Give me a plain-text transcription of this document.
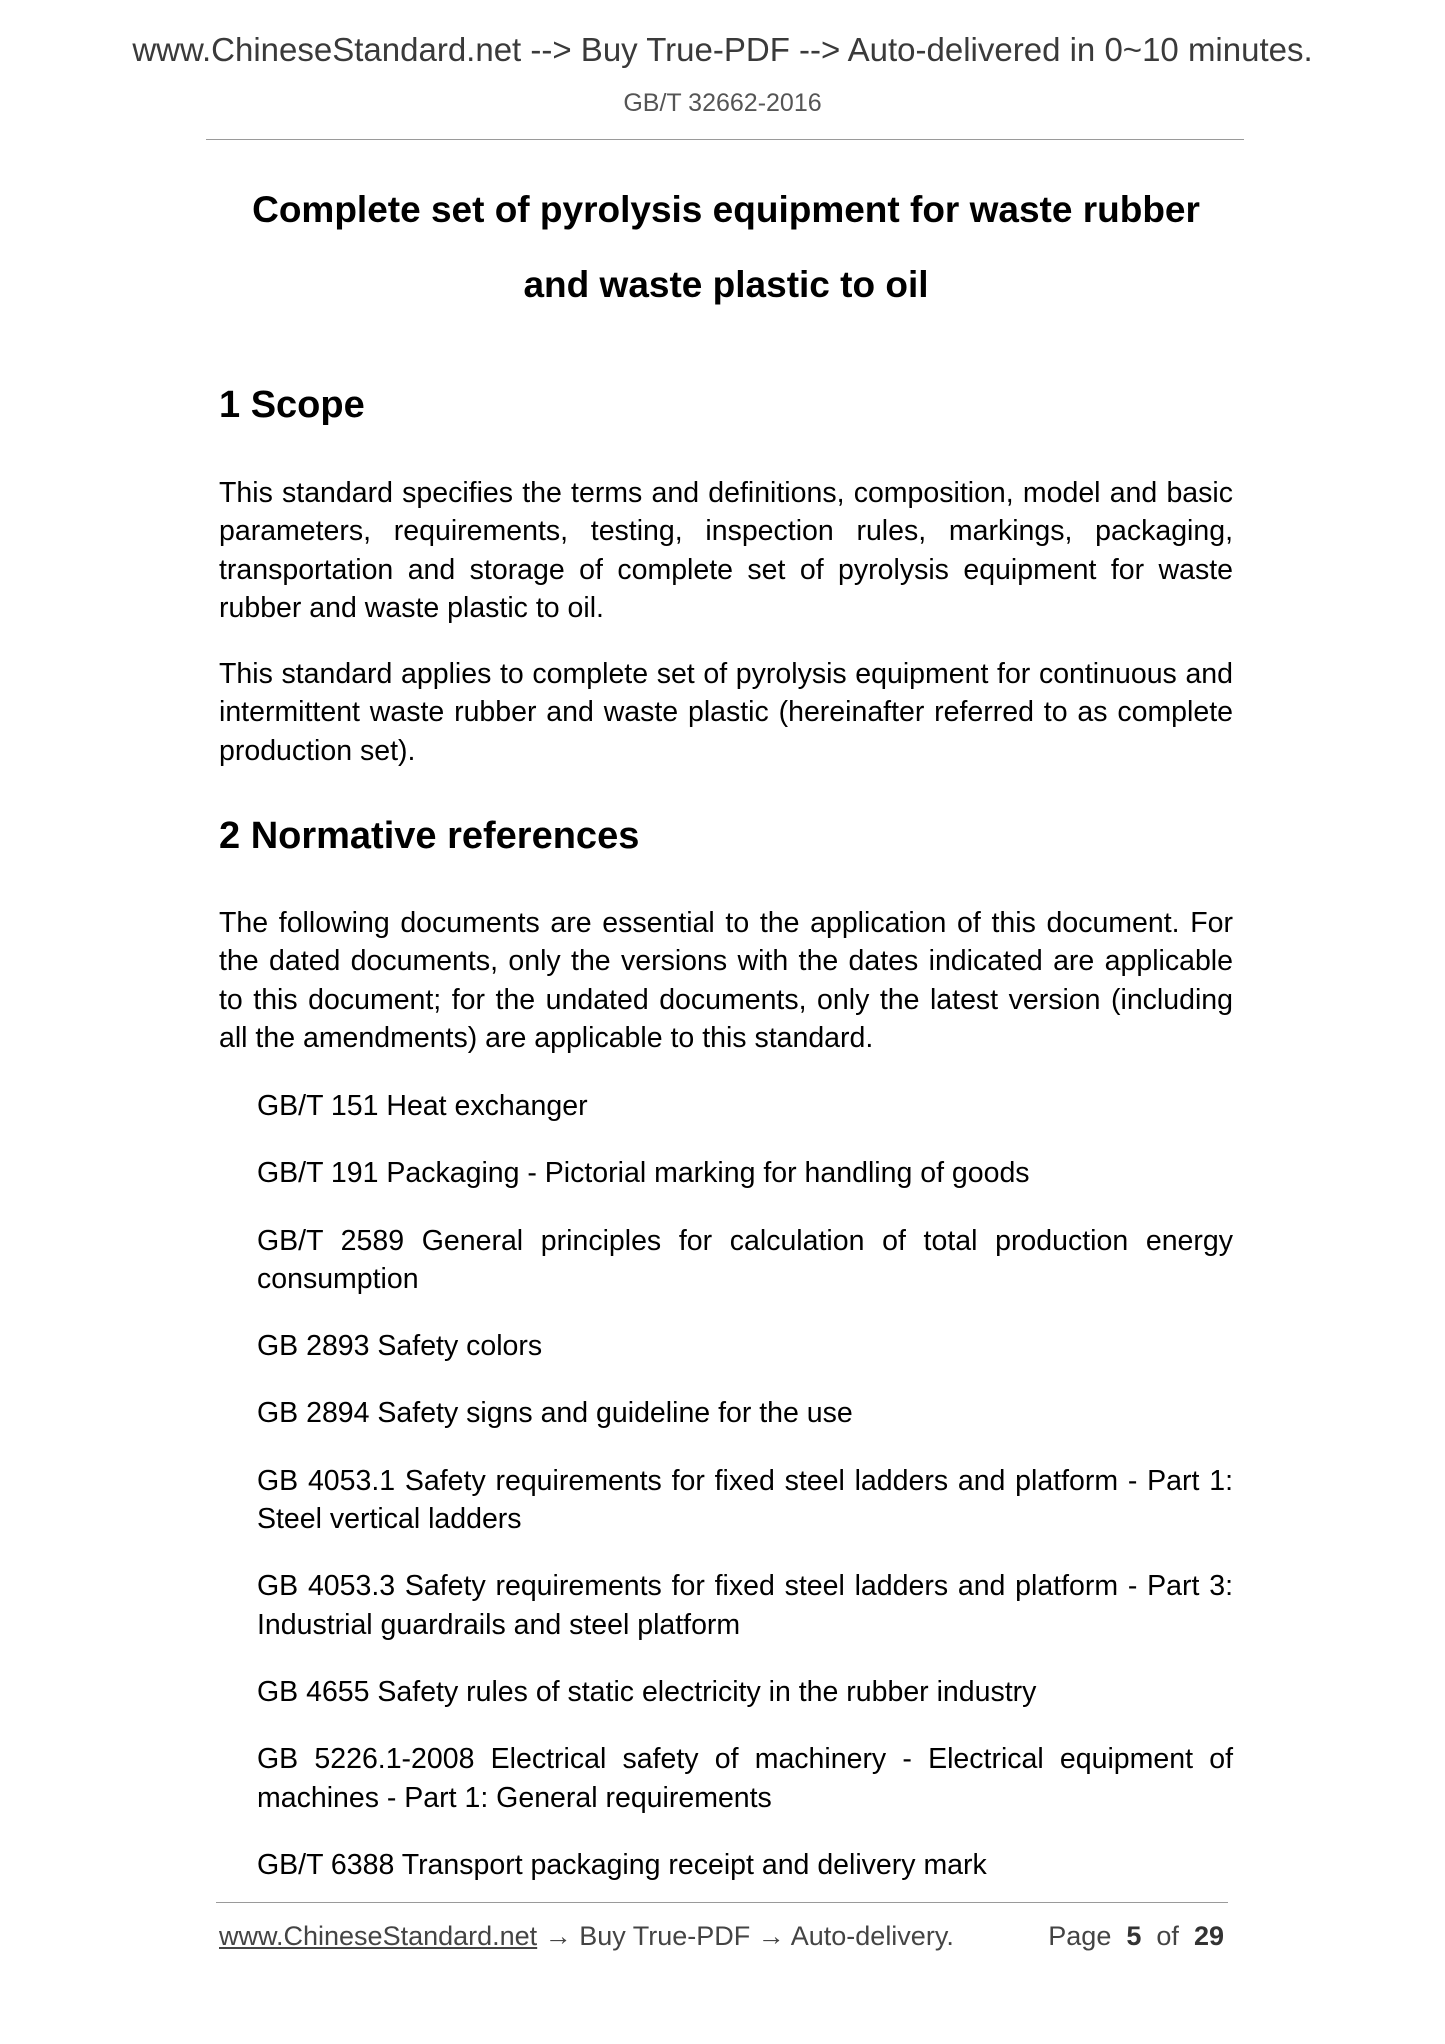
www.ChineseStandard.net --> Buy True-PDF --> Auto-delivered in 0~10 minutes.
GB/T 32662-2016
Complete set of pyrolysis equipment for waste rubber
and waste plastic to oil
1 Scope

This standard specifies the terms and definitions, composition, model and basic parameters, requirements, testing, inspection rules, markings, packaging, transportation and storage of complete set of pyrolysis equipment for waste rubber and waste plastic to oil.

This standard applies to complete set of pyrolysis equipment for continuous and intermittent waste rubber and waste plastic (hereinafter referred to as complete production set).

2 Normative references

The following documents are essential to the application of this document. For the dated documents, only the versions with the dates indicated are applicable to this document; for the undated documents, only the latest version (including all the amendments) are applicable to this standard.

GB/T 151 Heat exchanger
GB/T 191 Packaging - Pictorial marking for handling of goods
GB/T 2589 General principles for calculation of total production energy consumption
GB 2893 Safety colors
GB 2894 Safety signs and guideline for the use
GB 4053.1 Safety requirements for fixed steel ladders and platform - Part 1: Steel vertical ladders
GB 4053.3 Safety requirements for fixed steel ladders and platform - Part 3: Industrial guardrails and steel platform
GB 4655 Safety rules of static electricity in the rubber industry
GB 5226.1-2008 Electrical safety of machinery - Electrical equipment of machines - Part 1: General requirements
GB/T 6388 Transport packaging receipt and delivery mark
www.ChineseStandard.net → Buy True-PDF → Auto-delivery.	Page 5 of 29
